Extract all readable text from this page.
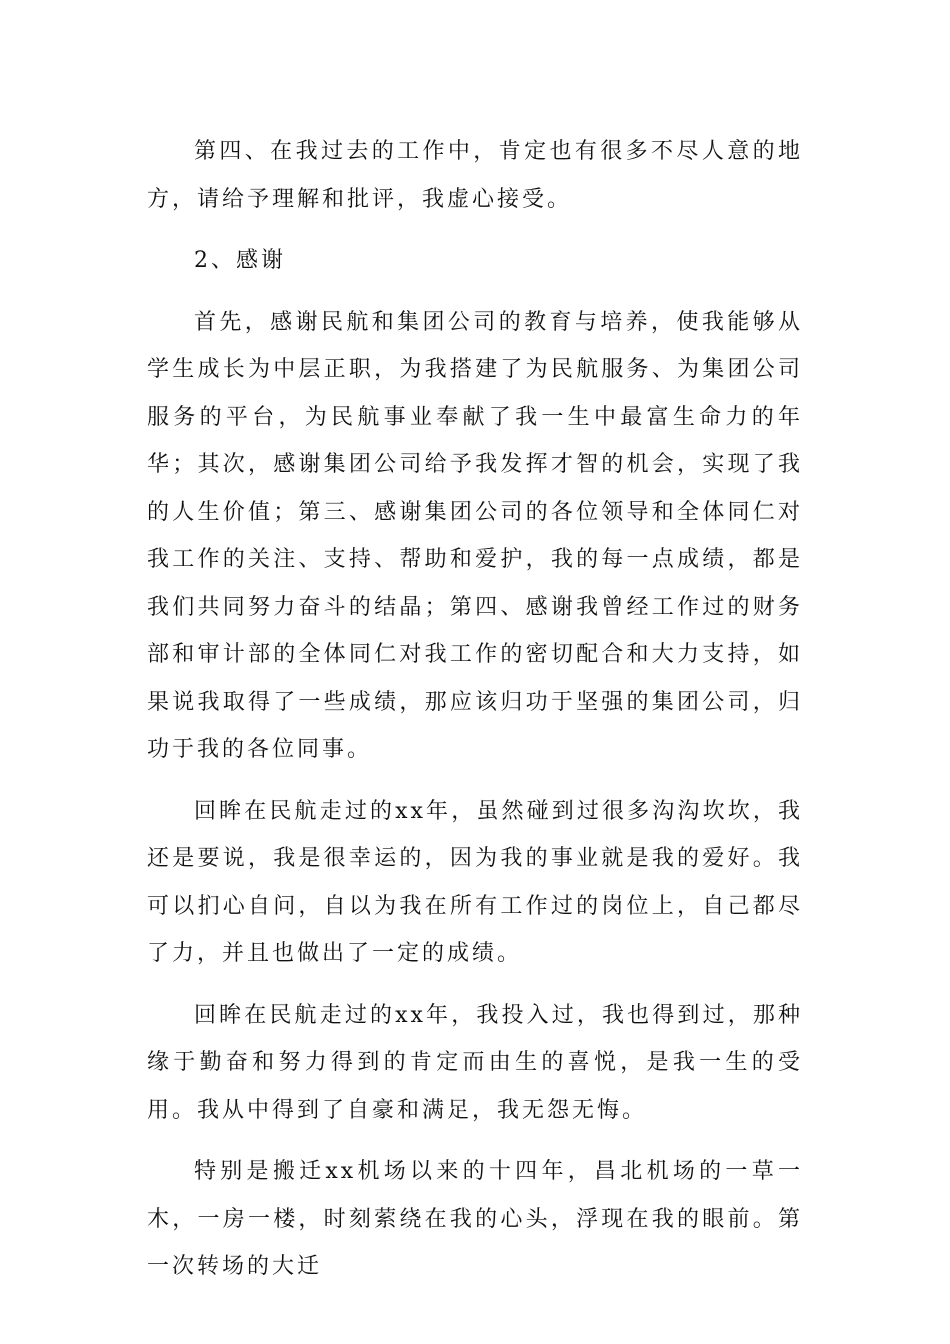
第四、在我过去的工作中，肯定也有很多不尽人意的地方，请给予理解和批评，我虚心接受。

2、感谢

首先，感谢民航和集团公司的教育与培养，使我能够从学生成长为中层正职，为我搭建了为民航服务、为集团公司服务的平台，为民航事业奉献了我一生中最富生命力的年华；其次，感谢集团公司给予我发挥才智的机会，实现了我的人生价值；第三、感谢集团公司的各位领导和全体同仁对我工作的关注、支持、帮助和爱护，我的每一点成绩，都是我们共同努力奋斗的结晶；第四、感谢我曾经工作过的财务部和审计部的全体同仁对我工作的密切配合和大力支持，如果说我取得了一些成绩，那应该归功于坚强的集团公司，归功于我的各位同事。

回眸在民航走过的xx年，虽然碰到过很多沟沟坎坎，我还是要说，我是很幸运的，因为我的事业就是我的爱好。我可以扪心自问，自以为我在所有工作过的岗位上，自己都尽了力，并且也做出了一定的成绩。

回眸在民航走过的xx年，我投入过，我也得到过，那种缘于勤奋和努力得到的肯定而由生的喜悦，是我一生的受用。我从中得到了自豪和满足，我无怨无悔。

特别是搬迁xx机场以来的十四年，昌北机场的一草一木，一房一楼，时刻萦绕在我的心头，浮现在我的眼前。第一次转场的大迁
